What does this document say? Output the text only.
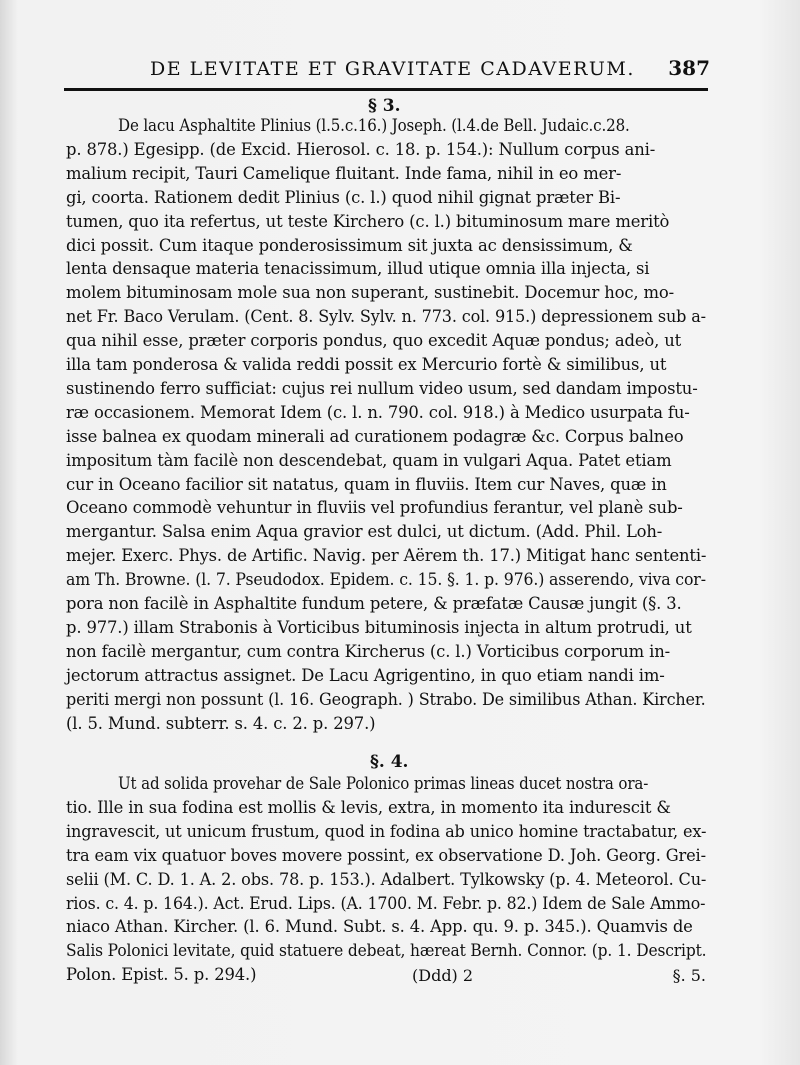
DE LEVITATE ET GRAVITATE CADAVERUM. 387
§ 3.
De lacu Asphaltite Plinius (l.5.c.16.) Joseph. (l.4.de Bell. Judaic.c.28.
p. 878.) Egesipp. (de Excid. Hierosol. c. 18. p. 154.): Nullum corpus ani-
malium recipit, Tauri Camelique fluitant. Inde fama, nihil in eo mer-
gi, coorta. Rationem dedit Plinius (c. l.) quod nihil gignat præter Bi-
tumen, quo ita refertus, ut teste Kirchero (c. l.) bituminosum mare meritò
dici possit. Cum itaque ponderosissimum sit juxta ac densissimum, &
lenta densaque materia tenacissimum, illud utique omnia illa injecta, si
molem bituminosam mole sua non superant, sustinebit. Docemur hoc, mo-
net Fr. Baco Verulam. (Cent. 8. Sylv. Sylv. n. 773. col. 915.) depressionem sub a-
qua nihil esse, præter corporis pondus, quo excedit Aquæ pondus; adeò, ut
illa tam ponderosa & valida reddi possit ex Mercurio fortè & similibus, ut
sustinendo ferro sufficiat: cujus rei nullum video usum, sed dandam impostu-
ræ occasionem. Memorat Idem (c. l. n. 790. col. 918.) à Medico usurpata fu-
isse balnea ex quodam minerali ad curationem podagræ &c. Corpus balneo
impositum tàm facilè non descendebat, quam in vulgari Aqua. Patet etiam
cur in Oceano facilior sit natatus, quam in fluviis. Item cur Naves, quæ in
Oceano commodè vehuntur in fluviis vel profundius ferantur, vel planè sub-
mergantur. Salsa enim Aqua gravior est dulci, ut dictum. (Add. Phil. Loh-
mejer. Exerc. Phys. de Artific. Navig. per Aërem th. 17.) Mitigat hanc sententi-
am Th. Browne. (l. 7. Pseudodox. Epidem. c. 15. §. 1. p. 976.) asserendo, viva cor-
pora non facilè in Asphaltite fundum petere, & præfatæ Causæ jungit (§. 3.
p. 977.) illam Strabonis à Vorticibus bituminosis injecta in altum protrudi, ut
non facilè mergantur, cum contra Kircherus (c. l.) Vorticibus corporum in-
jectorum attractus assignet. De Lacu Agrigentino, in quo etiam nandi im-
periti mergi non possunt (l. 16. Geograph. ) Strabo. De similibus Athan. Kircher.
(l. 5. Mund. subterr. s. 4. c. 2. p. 297.)
§. 4.
Ut ad solida provehar de Sale Polonico primas lineas ducet nostra ora-
tio. Ille in sua fodina est mollis & levis, extra, in momento ita indurescit &
ingravescit, ut unicum frustum, quod in fodina ab unico homine tractabatur, ex-
tra eam vix quatuor boves movere possint, ex observatione D. Joh. Georg. Grei-
selii (M. C. D. 1. A. 2. obs. 78. p. 153.). Adalbert. Tylkowsky (p. 4. Meteorol. Cu-
rios. c. 4. p. 164.). Act. Erud. Lips. (A. 1700. M. Febr. p. 82.) Idem de Sale Ammo-
niaco Athan. Kircher. (l. 6. Mund. Subt. s. 4. App. qu. 9. p. 345.). Quamvis de
Salis Polonici levitate, quid statuere debeat, hæreat Bernh. Connor. (p. 1. Descript.
Polon. Epist. 5. p. 294.)	(Ddd) 2	§. 5.
